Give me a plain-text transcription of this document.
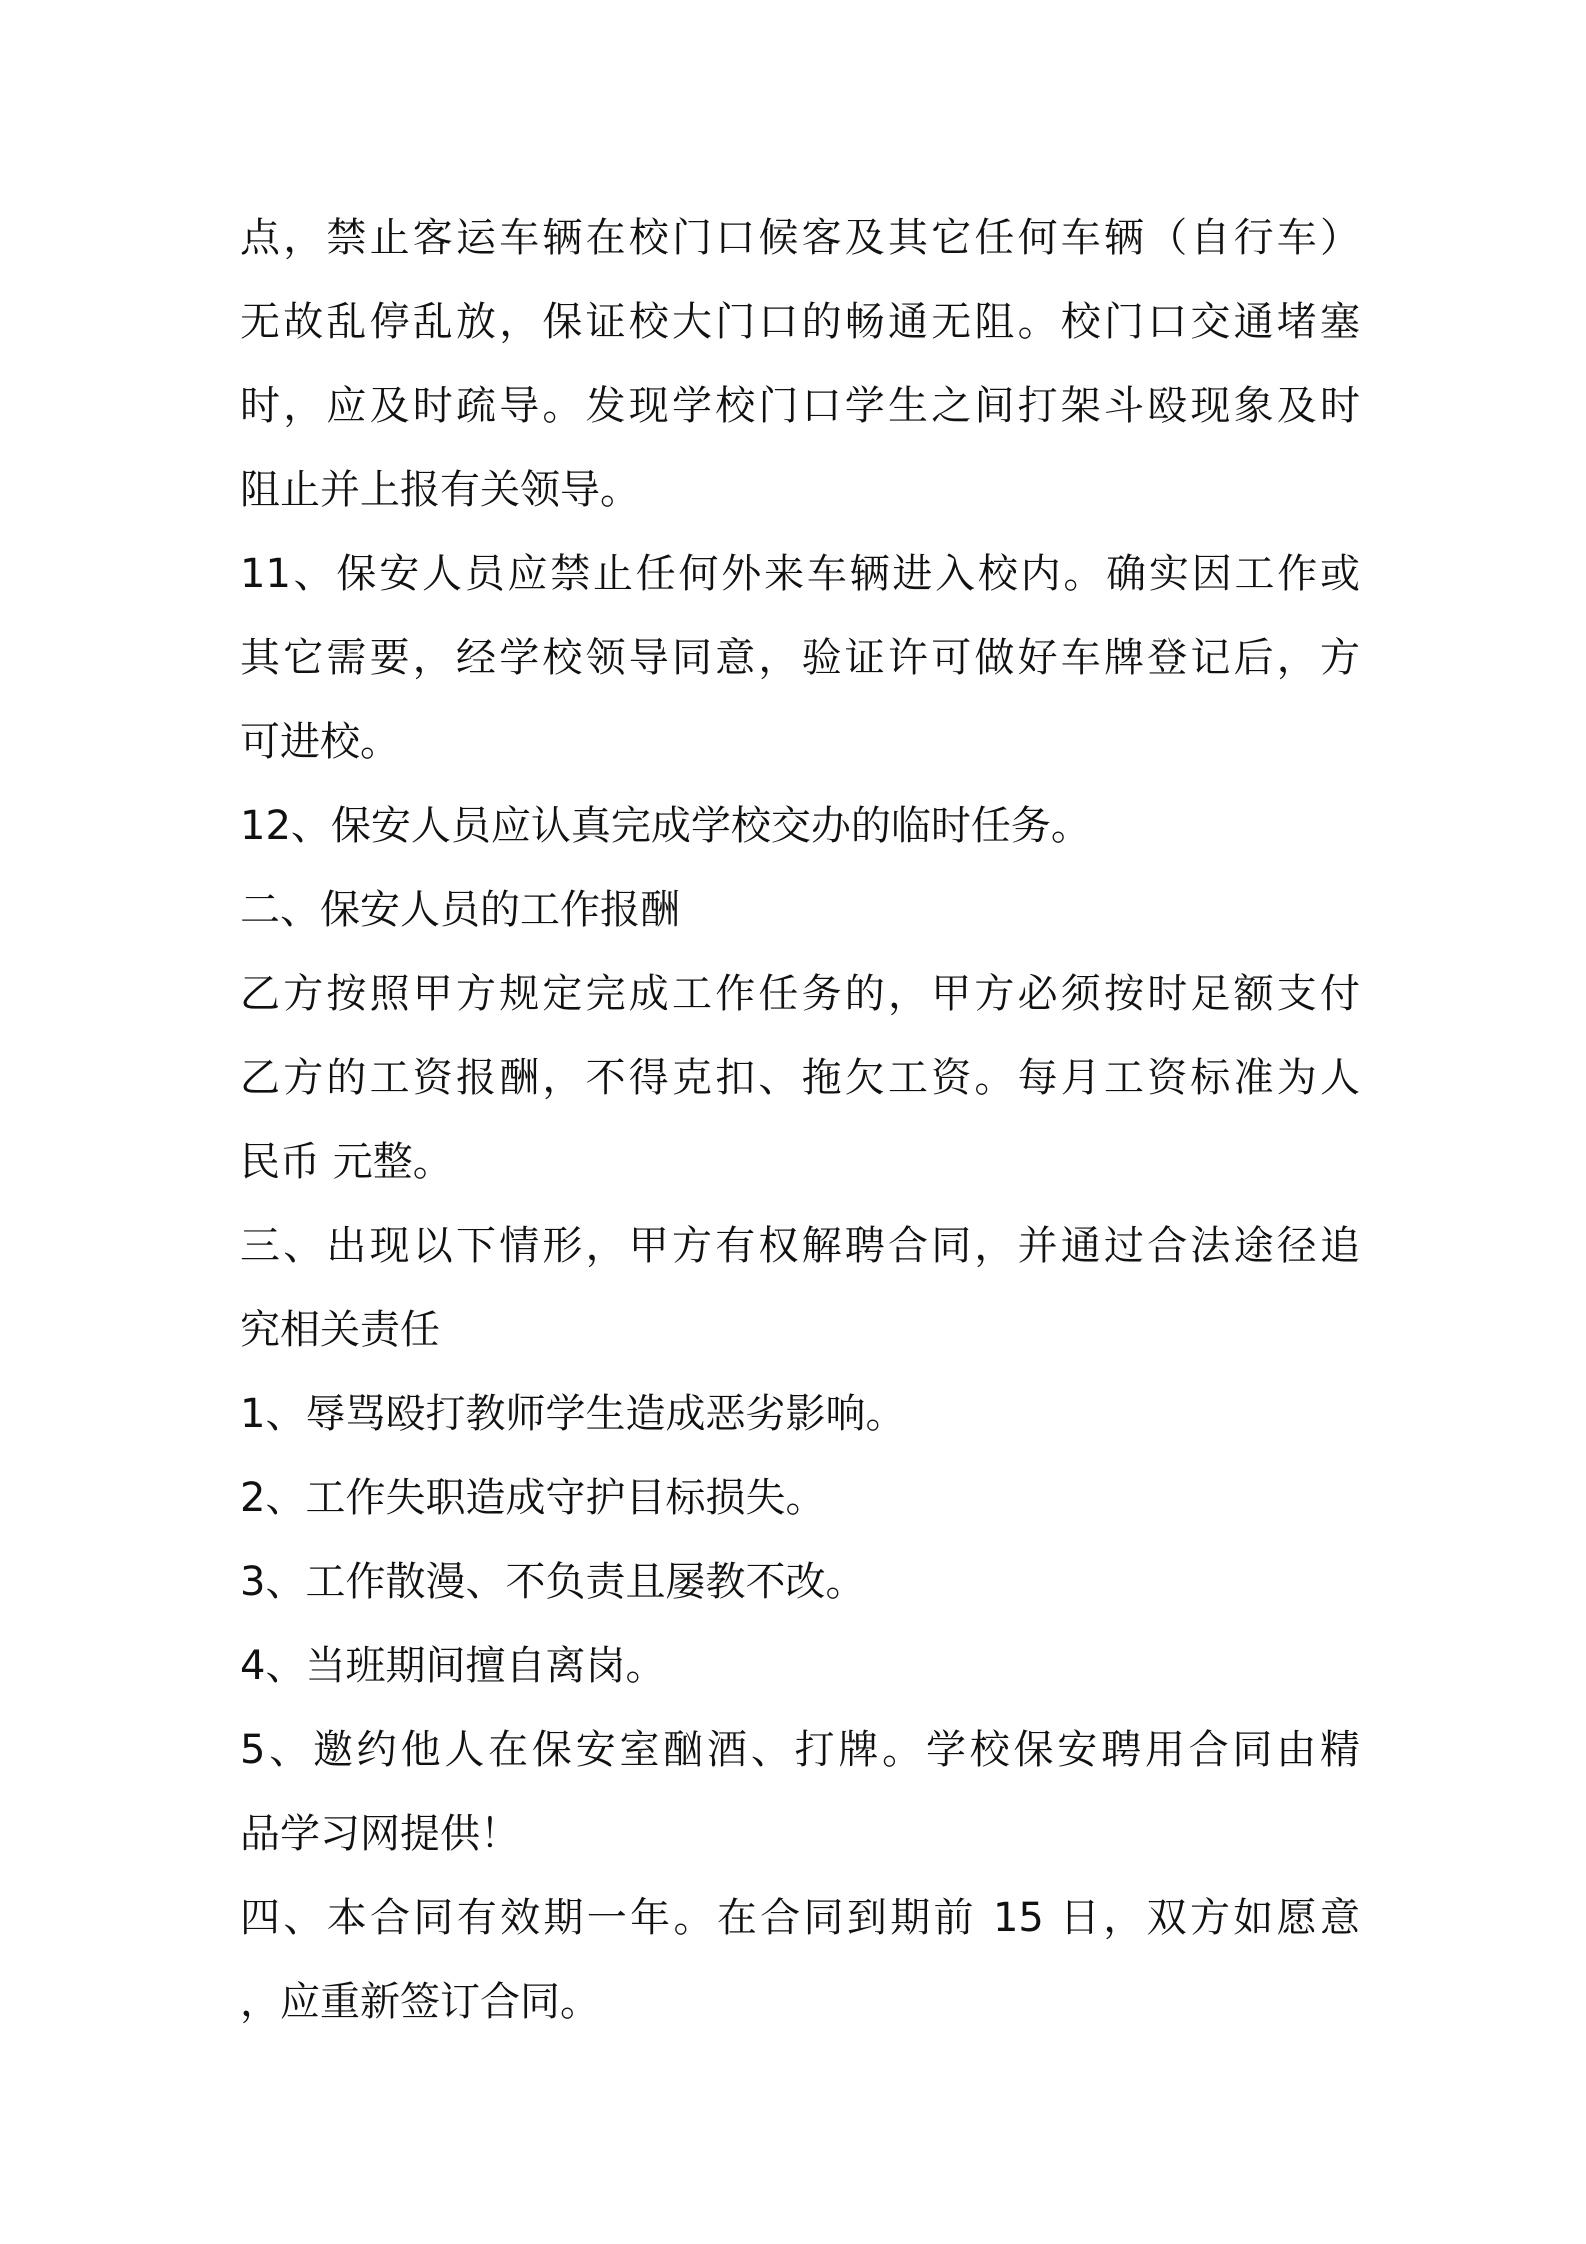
点，禁止客运车辆在校门口候客及其它任何车辆（自行车）
无故乱停乱放，保证校大门口的畅通无阻。校门口交通堵塞
时，应及时疏导。发现学校门口学生之间打架斗殴现象及时
阻止并上报有关领导。
11、保安人员应禁止任何外来车辆进入校内。确实因工作或
其它需要，经学校领导同意，验证许可做好车牌登记后，方
可进校。
12、保安人员应认真完成学校交办的临时任务。
二、保安人员的工作报酬
乙方按照甲方规定完成工作任务的，甲方必须按时足额支付
乙方的工资报酬，不得克扣、拖欠工资。每月工资标准为人
民币 元整。
三、出现以下情形，甲方有权解聘合同，并通过合法途径追
究相关责任
1、辱骂殴打教师学生造成恶劣影响。
2、工作失职造成守护目标损失。
3、工作散漫、不负责且屡教不改。
4、当班期间擅自离岗。
5、邀约他人在保安室酗酒、打牌。学校保安聘用合同由精
品学习网提供！
四、本合同有效期一年。在合同到期前 15 日，双方如愿意
，应重新签订合同。
